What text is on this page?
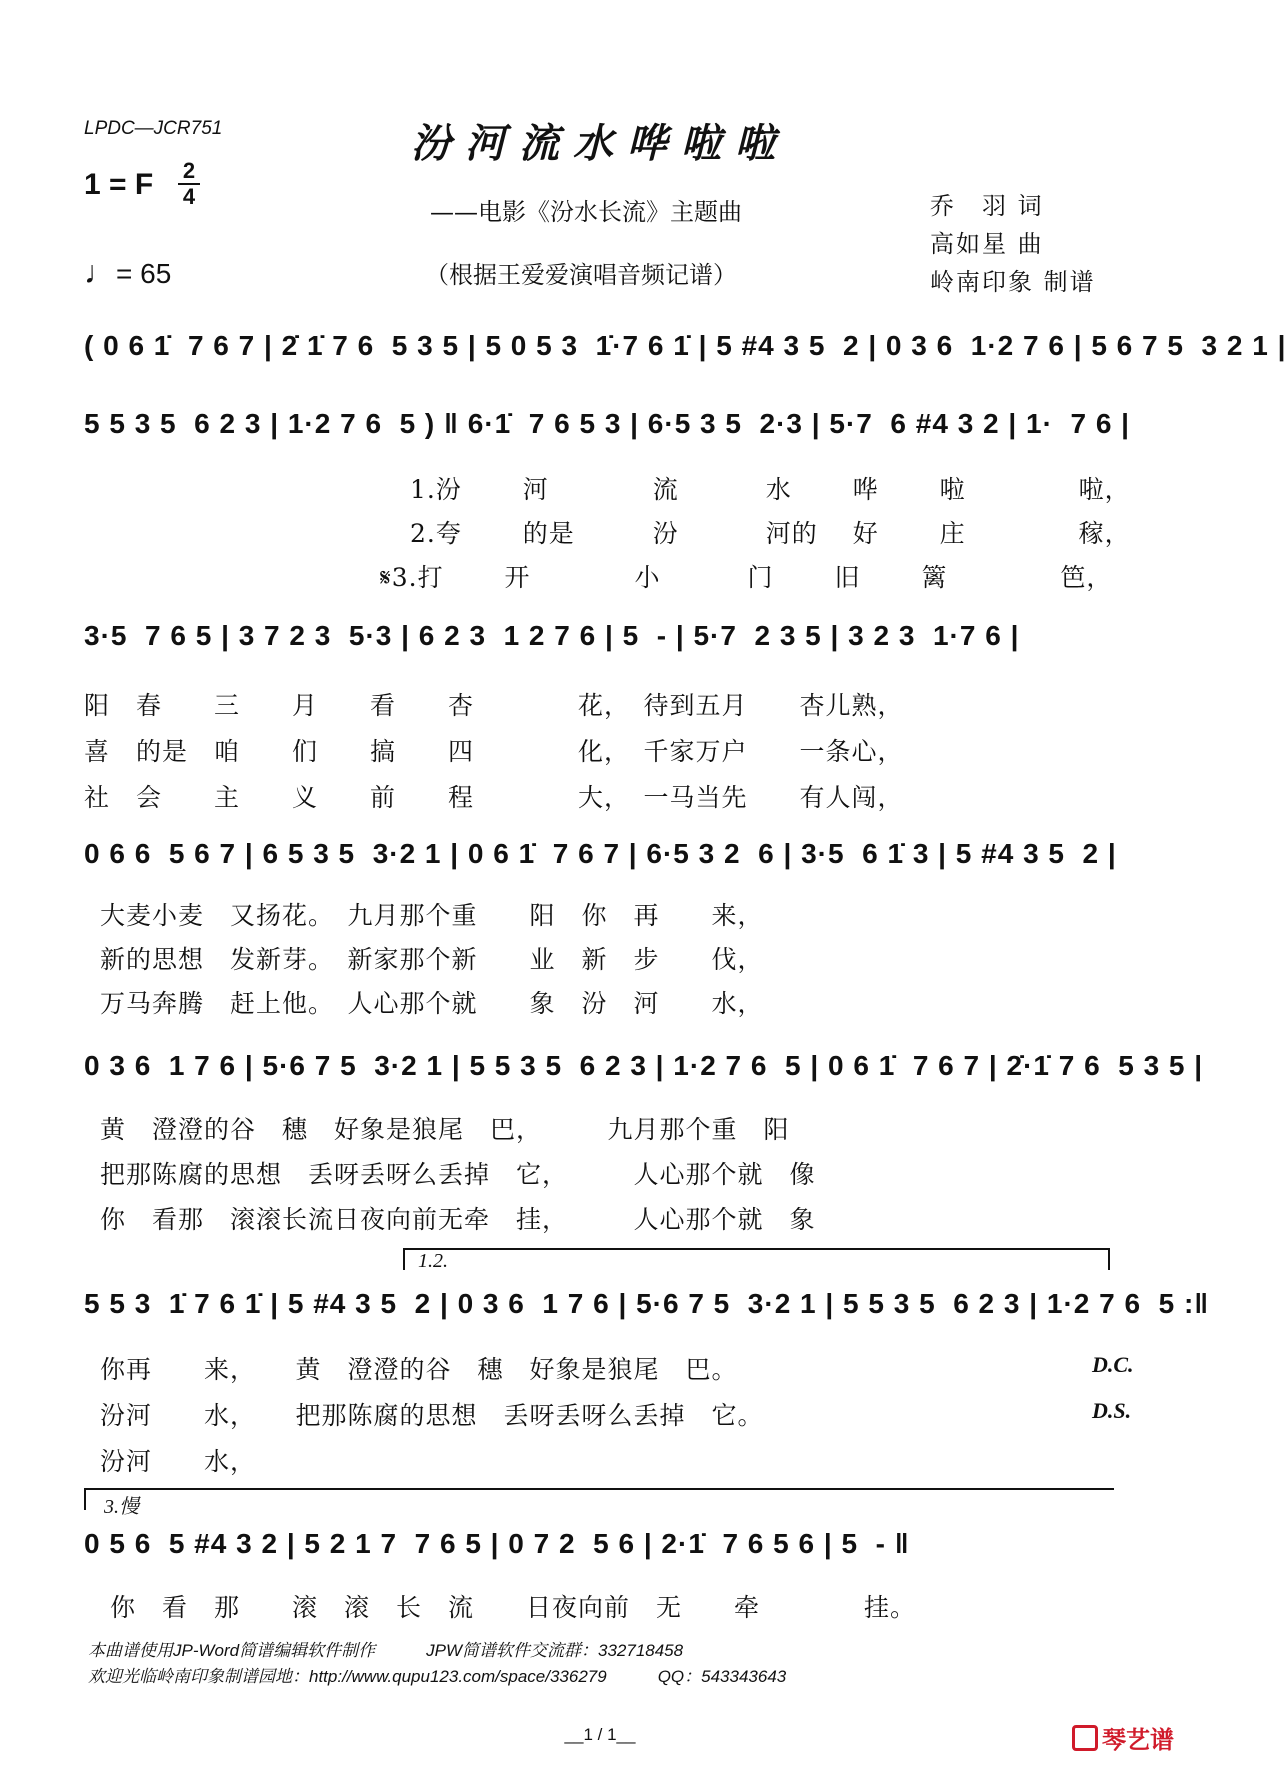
LPDC—JCR751	汾河流水哗啦啦
——电影《汾水长流》主题曲
（根据王爱爱演唱音频记谱）
乔　羽 词
高如星 曲
岭南印象 制谱
1 = F 2
4
♩= 65
( 0 6 1̇  7 6 7 | 2̇ 1̇ 7 6  5 3 5 | 5 0 5 3  1̇·7 6 1̇ | 5 #4 3 5  2 | 0 3 6  1·2 7 6 | 5 6 7 5  3 2 1 |
5 5 3 5  6 2 3 | 1·2 7 6  5 ) ‖ 6·1̇  7 6 5 3 | 6·5 3 5  2·3 | 5·7  6 #4 3 2 | 1·  7 6 |
1.汾　　 河　　　　流　　　 水　　 哗　　 啦　　　　 啦，
2.夸　　 的是　　　汾　　　 河的　 好　　 庄　　　　 稼，
𝄋3.打　　 开　　　　小　　　 门　　 旧　　 篱　　　　 笆，
3·5  7 6 5 | 3 7 2 3  5·3 | 6 2 3  1 2 7 6 | 5  - | 5·7  2 3 5 | 3 2 3  1·7 6 |
阳　春　　三　　月　　看　　杏　　　　花，　待到五月　　杏儿熟，
喜　的是　咱　　们　　搞　　四　　　　化，　千家万户　　一条心，
社　会　　主　　义　　前　　程　　　　大，　一马当先　　有人闯，
0 6 6  5 6 7 | 6 5 3 5  3·2 1 | 0 6 1̇  7 6 7 | 6·5 3 2  6 | 3·5  6 1̇ 3 | 5 #4 3 5  2 |
大麦小麦　又扬花。　九月那个重　　阳　你　再　　来，
新的思想　发新芽。　新家那个新　　业　新　步　　伐，
万马奔腾　赶上他。　人心那个就　　象　汾　河　　水，
0 3 6  1 7 6 | 5·6 7 5  3·2 1 | 5 5 3 5  6 2 3 | 1·2 7 6  5 | 0 6 1̇  7 6 7 | 2̇·1̇ 7 6  5 3 5 |
黄　澄澄的谷　穗　好象是狼尾　巴，　　　九月那个重　阳
把那陈腐的思想　丢呀丢呀么丢掉　它，　　　人心那个就　像
你　看那　滚滚长流日夜向前无牵　挂，　　　人心那个就　象
1.2.
5 5 3  1̇ 7 6 1̇ | 5 #4 3 5  2 | 0 3 6  1 7 6 | 5·6 7 5  3·2 1 | 5 5 3 5  6 2 3 | 1·2 7 6  5 :‖
你再　　来，　　黄　澄澄的谷　穗　好象是狼尾　巴。
汾河　　水，　　把那陈腐的思想　丢呀丢呀么丢掉　它。
汾河　　水，
D.C.
D.S.
3.慢
0 5 6  5 #4 3 2 | 5 2 1 7  7 6 5 | 0 7 2  5 6 | 2·1̇  7 6 5 6 | 5  - ‖
你　看　那　　滚　滚　长　流　　日夜向前　无　　牵　　　　挂。
本曲谱使用JP-Word简谱编辑软件制作　　　JPW简谱软件交流群：332718458
欢迎光临岭南印象制谱园地：http://www.qupu123.com/space/336279　　　QQ：543343643
__1 / 1__	琴艺谱
